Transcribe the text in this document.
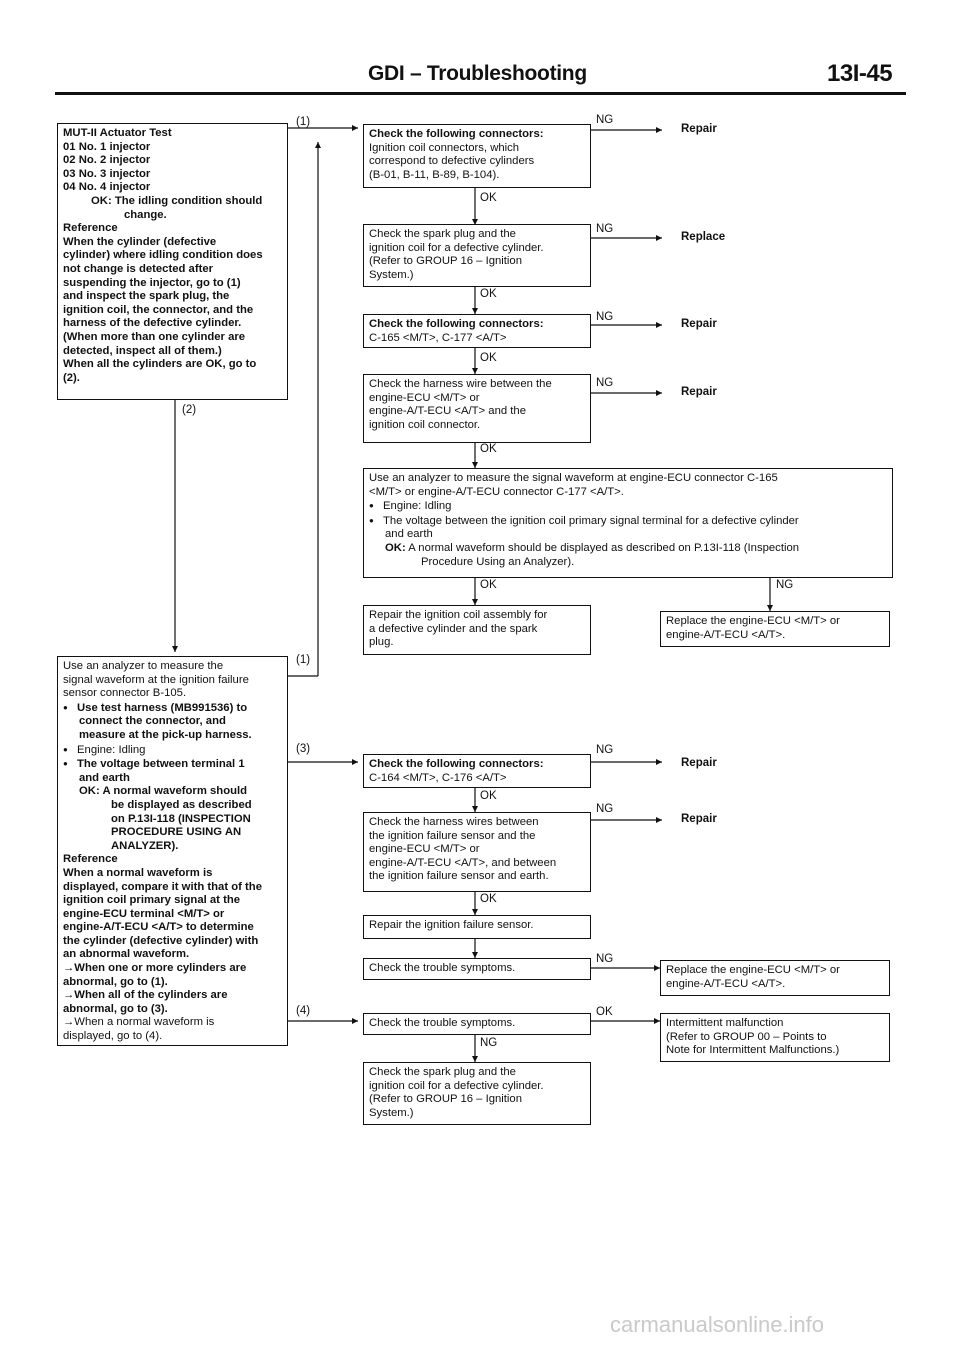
GDI – Troubleshooting	13I-45
MUT-II Actuator Test
01 No. 1 injector
02 No. 2 injector
03 No. 3 injector
04 No. 4 injector
OK: The idling condition should
change.
Reference
When the cylinder (defective
cylinder) where idling condition does
not change is detected after
suspending the injector, go to (1)
and inspect the spark plug, the
ignition coil, the connector, and the
harness of the defective cylinder.
(When more than one cylinder are
detected, inspect all of them.)
When all the cylinders are OK, go to
(2).
Check the following connectors:
Ignition coil connectors, which
correspond to defective cylinders
(B-01, B-11, B-89, B-104).
Check the spark plug and the
ignition coil for a defective cylinder.
(Refer to GROUP 16 – Ignition
System.)
Check the following connectors:
C-165 <M/T>, C-177 <A/T>
Check the harness wire between the
engine-ECU <M/T> or
engine-A/T-ECU <A/T> and the
ignition coil connector.
Use an analyzer to measure the signal waveform at engine-ECU connector C-165
<M/T> or engine-A/T-ECU connector C-177 <A/T>.
● Engine: Idling
● The voltage between the ignition coil primary signal terminal for a defective cylinder
and earth
OK: A normal waveform should be displayed as described on P.13I-118 (Inspection
Procedure Using an Analyzer).
Repair the ignition coil assembly for
a defective cylinder and the spark
plug.
Replace the engine-ECU <M/T> or
engine-A/T-ECU <A/T>.
Use an analyzer to measure the
signal waveform at the ignition failure
sensor connector B-105.
● Use test harness (MB991536) to
connect the connector, and
measure at the pick-up harness.
● Engine: Idling
● The voltage between terminal 1
and earth
OK: A normal waveform should
be displayed as described
on P.13I-118 (INSPECTION
PROCEDURE USING AN
ANALYZER).
Reference
When a normal waveform is
displayed, compare it with that of the
ignition coil primary signal at the
engine-ECU terminal <M/T> or
engine-A/T-ECU <A/T> to determine
the cylinder (defective cylinder) with
an abnormal waveform.
→When one or more cylinders are
abnormal, go to (1).
→When all of the cylinders are
abnormal, go to (3).
→When a normal waveform is
displayed, go to (4).
Check the following connectors:
C-164 <M/T>, C-176 <A/T>
Check the harness wires between
the ignition failure sensor and the
engine-ECU <M/T> or
engine-A/T-ECU <A/T>, and between
the ignition failure sensor and earth.
Repair the ignition failure sensor.
Check the trouble symptoms.	Replace the engine-ECU <M/T> or
engine-A/T-ECU <A/T>.
Check the trouble symptoms.	Intermittent malfunction
(Refer to GROUP 00 – Points to
Note for Intermittent Malfunctions.)
Check the spark plug and the
ignition coil for a defective cylinder.
(Refer to GROUP 16 – Ignition
System.)
Repair
Replace
Repair
Repair
Repair
Repair
NG
OK
NG
OK
NG
OK
NG
OK
OK	NG
NG
OK
NG
OK
NG
OK
NG
(1)
(2)
(1)
(3)
(4)
carmanualsonline.info
